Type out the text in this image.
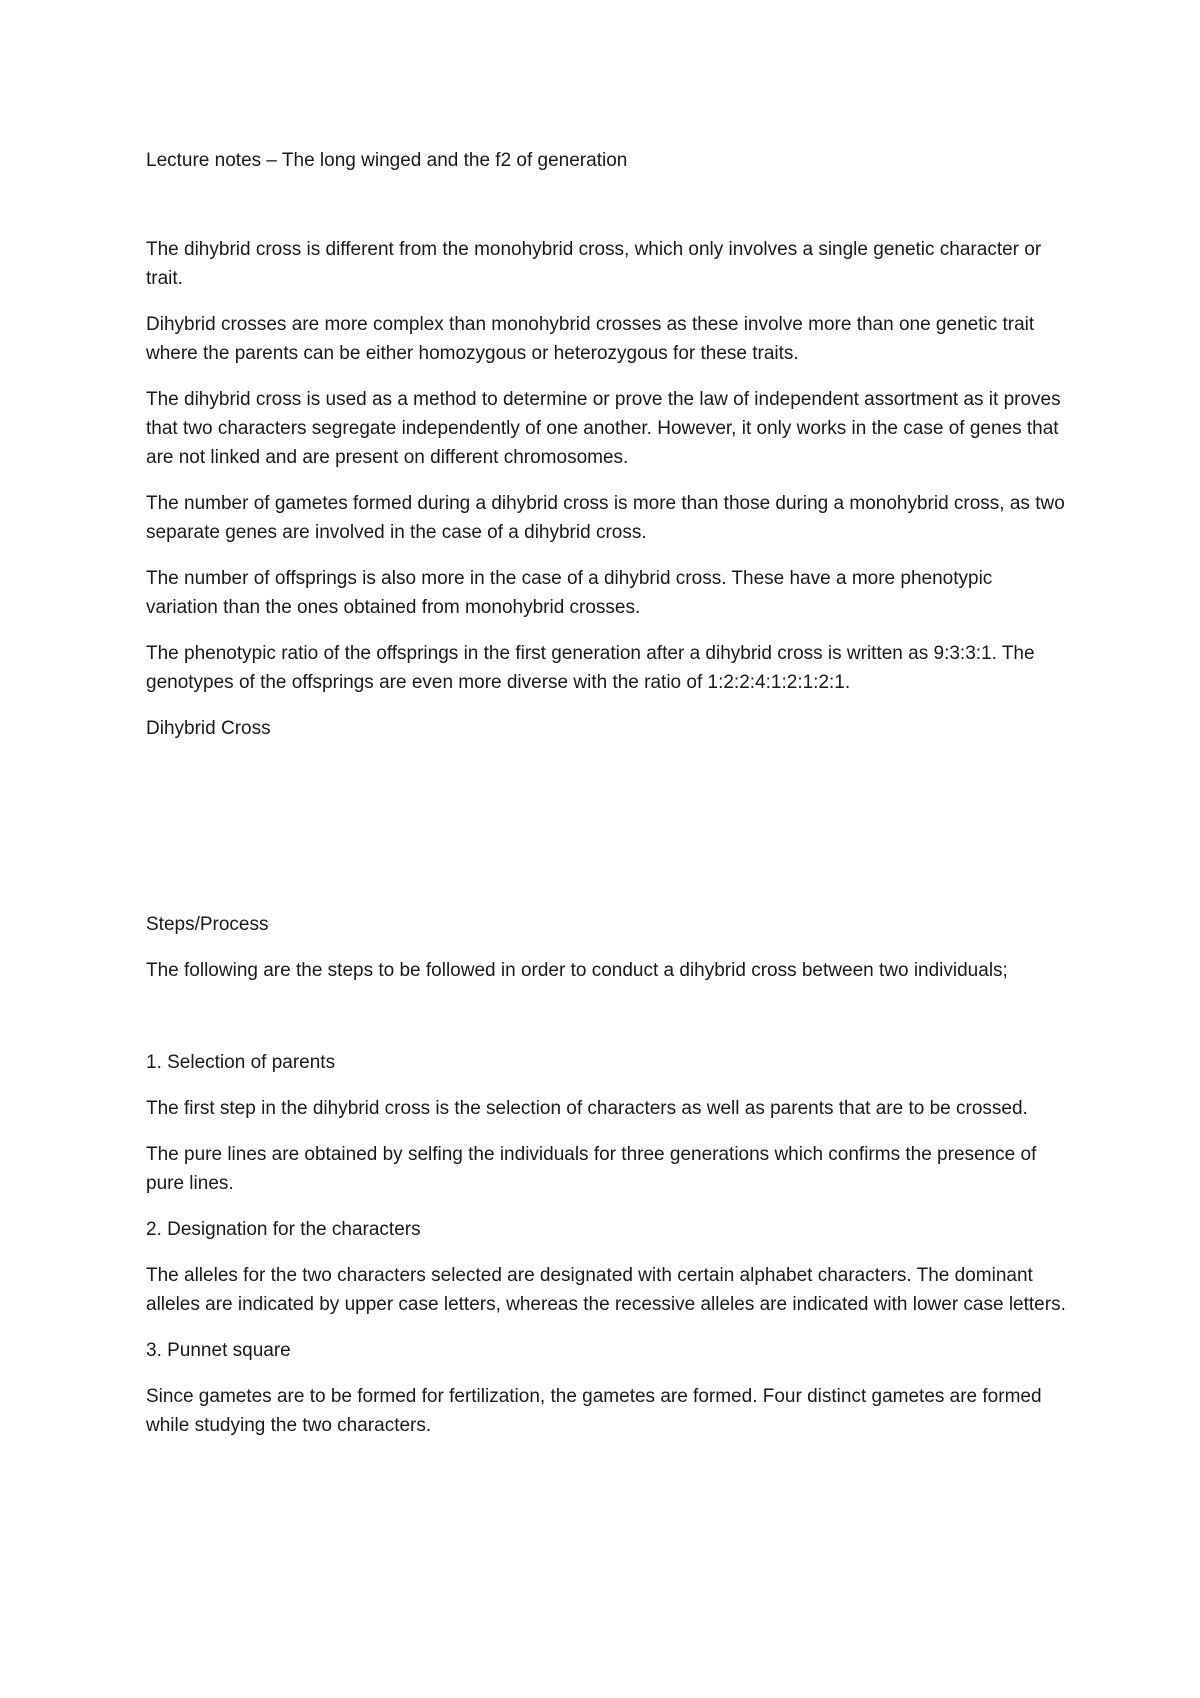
Lecture notes – The long winged and the f2 of generation

The dihybrid cross is different from the monohybrid cross, which only involves a single genetic character or trait.

Dihybrid crosses are more complex than monohybrid crosses as these involve more than one genetic trait where the parents can be either homozygous or heterozygous for these traits.

The dihybrid cross is used as a method to determine or prove the law of independent assortment as it proves that two characters segregate independently of one another. However, it only works in the case of genes that are not linked and are present on different chromosomes.

The number of gametes formed during a dihybrid cross is more than those during a monohybrid cross, as two separate genes are involved in the case of a dihybrid cross.

The number of offsprings is also more in the case of a dihybrid cross. These have a more phenotypic variation than the ones obtained from monohybrid crosses.

The phenotypic ratio of the offsprings in the first generation after a dihybrid cross is written as 9:3:3:1. The genotypes of the offsprings are even more diverse with the ratio of 1:2:2:4:1:2:1:2:1.

Dihybrid Cross

Steps/Process

The following are the steps to be followed in order to conduct a dihybrid cross between two individuals;

1. Selection of parents

The first step in the dihybrid cross is the selection of characters as well as parents that are to be crossed.

The pure lines are obtained by selfing the individuals for three generations which confirms the presence of pure lines.

2. Designation for the characters

The alleles for the two characters selected are designated with certain alphabet characters. The dominant alleles are indicated by upper case letters, whereas the recessive alleles are indicated with lower case letters.

3. Punnet square

Since gametes are to be formed for fertilization, the gametes are formed. Four distinct gametes are formed while studying the two characters.
